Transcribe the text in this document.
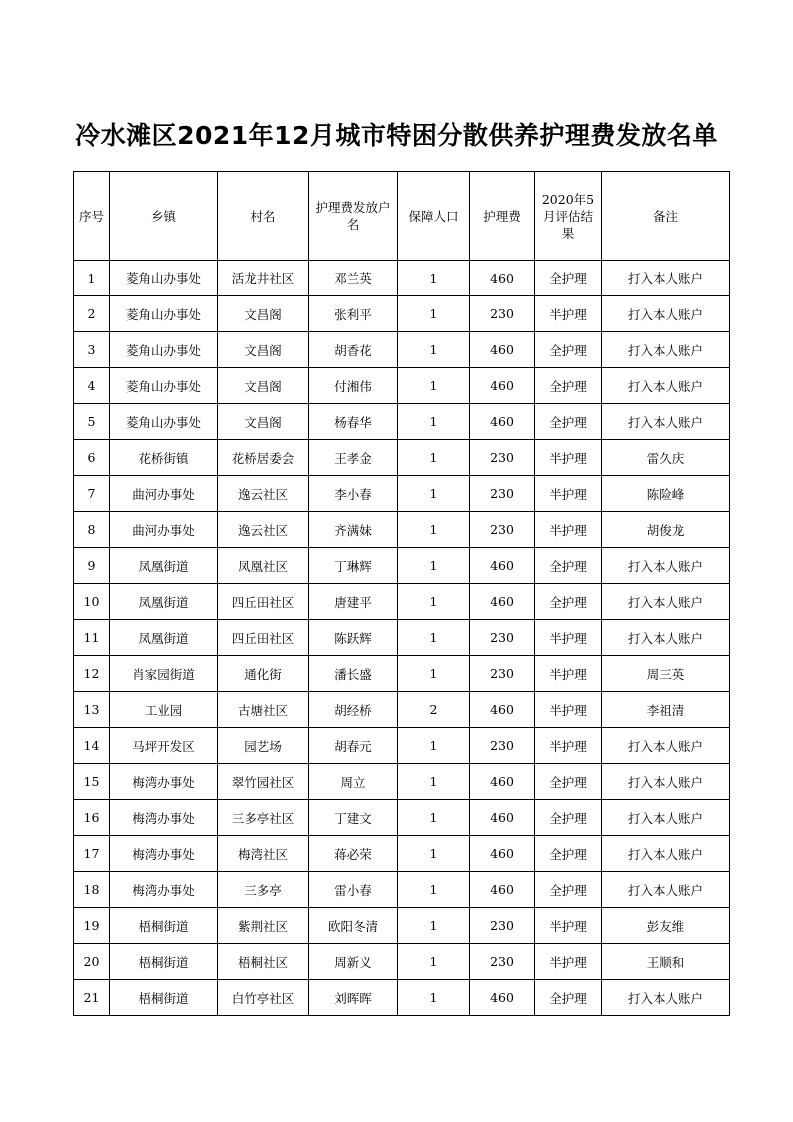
冷水滩区2021年12月城市特困分散供养护理费发放名单
序号	乡镇	村名	护理费发放户名	保障人口	护理费	2020年5月评估结果	备注
1	菱角山办事处	活龙井社区	邓兰英	1	460	全护理	打入本人账户
2	菱角山办事处	文昌阁	张利平	1	230	半护理	打入本人账户
3	菱角山办事处	文昌阁	胡香花	1	460	全护理	打入本人账户
4	菱角山办事处	文昌阁	付湘伟	1	460	全护理	打入本人账户
5	菱角山办事处	文昌阁	杨春华	1	460	全护理	打入本人账户
6	花桥街镇	花桥居委会	王孝金	1	230	半护理	雷久庆
7	曲河办事处	逸云社区	李小春	1	230	半护理	陈险峰
8	曲河办事处	逸云社区	齐满妹	1	230	半护理	胡俊龙
9	凤凰街道	凤凰社区	丁琳辉	1	460	全护理	打入本人账户
10	凤凰街道	四丘田社区	唐建平	1	460	全护理	打入本人账户
11	凤凰街道	四丘田社区	陈跃辉	1	230	半护理	打入本人账户
12	肖家园街道	通化街	潘长盛	1	230	半护理	周三英
13	工业园	古塘社区	胡经桥	2	460	半护理	李祖清
14	马坪开发区	园艺场	胡春元	1	230	半护理	打入本人账户
15	梅湾办事处	翠竹园社区	周立	1	460	全护理	打入本人账户
16	梅湾办事处	三多亭社区	丁建文	1	460	全护理	打入本人账户
17	梅湾办事处	梅湾社区	蒋必荣	1	460	全护理	打入本人账户
18	梅湾办事处	三多亭	雷小春	1	460	全护理	打入本人账户
19	梧桐街道	紫荆社区	欧阳冬清	1	230	半护理	彭友维
20	梧桐街道	梧桐社区	周新义	1	230	半护理	王顺和
21	梧桐街道	白竹亭社区	刘晖晖	1	460	全护理	打入本人账户
